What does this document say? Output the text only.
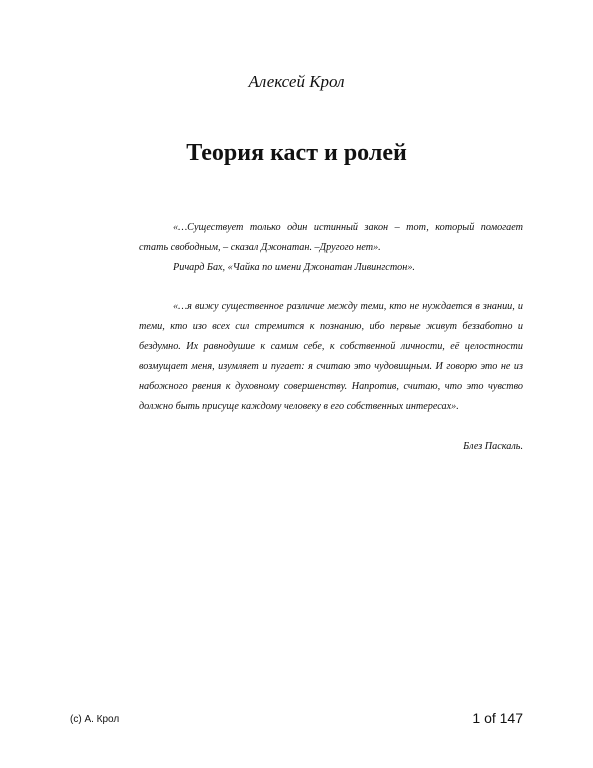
Алексей Крол
Теория каст и ролей

«…Существует только один истинный закон – тот, который помогает стать свободным, – сказал Джонатан. –Другого нет».

Ричард Бах, «Чайка по имени Джонатан Ливингстон».

«…я вижу существенное различие между теми, кто не нуждается в знании, и теми, кто изо всех сил стремится к познанию, ибо первые живут беззаботно и бездумно. Их равнодушие к самим себе, к собственной личности, её целостности возмущает меня, изумляет и пугает: я считаю это чудовищным. И говорю это не из набожного рвения к духовному совершенству. Напротив, считаю, что это чувство должно быть присуще каждому человеку в его собственных интересах».

Блез Паскаль.

(c) А. Крол	1 of 147
